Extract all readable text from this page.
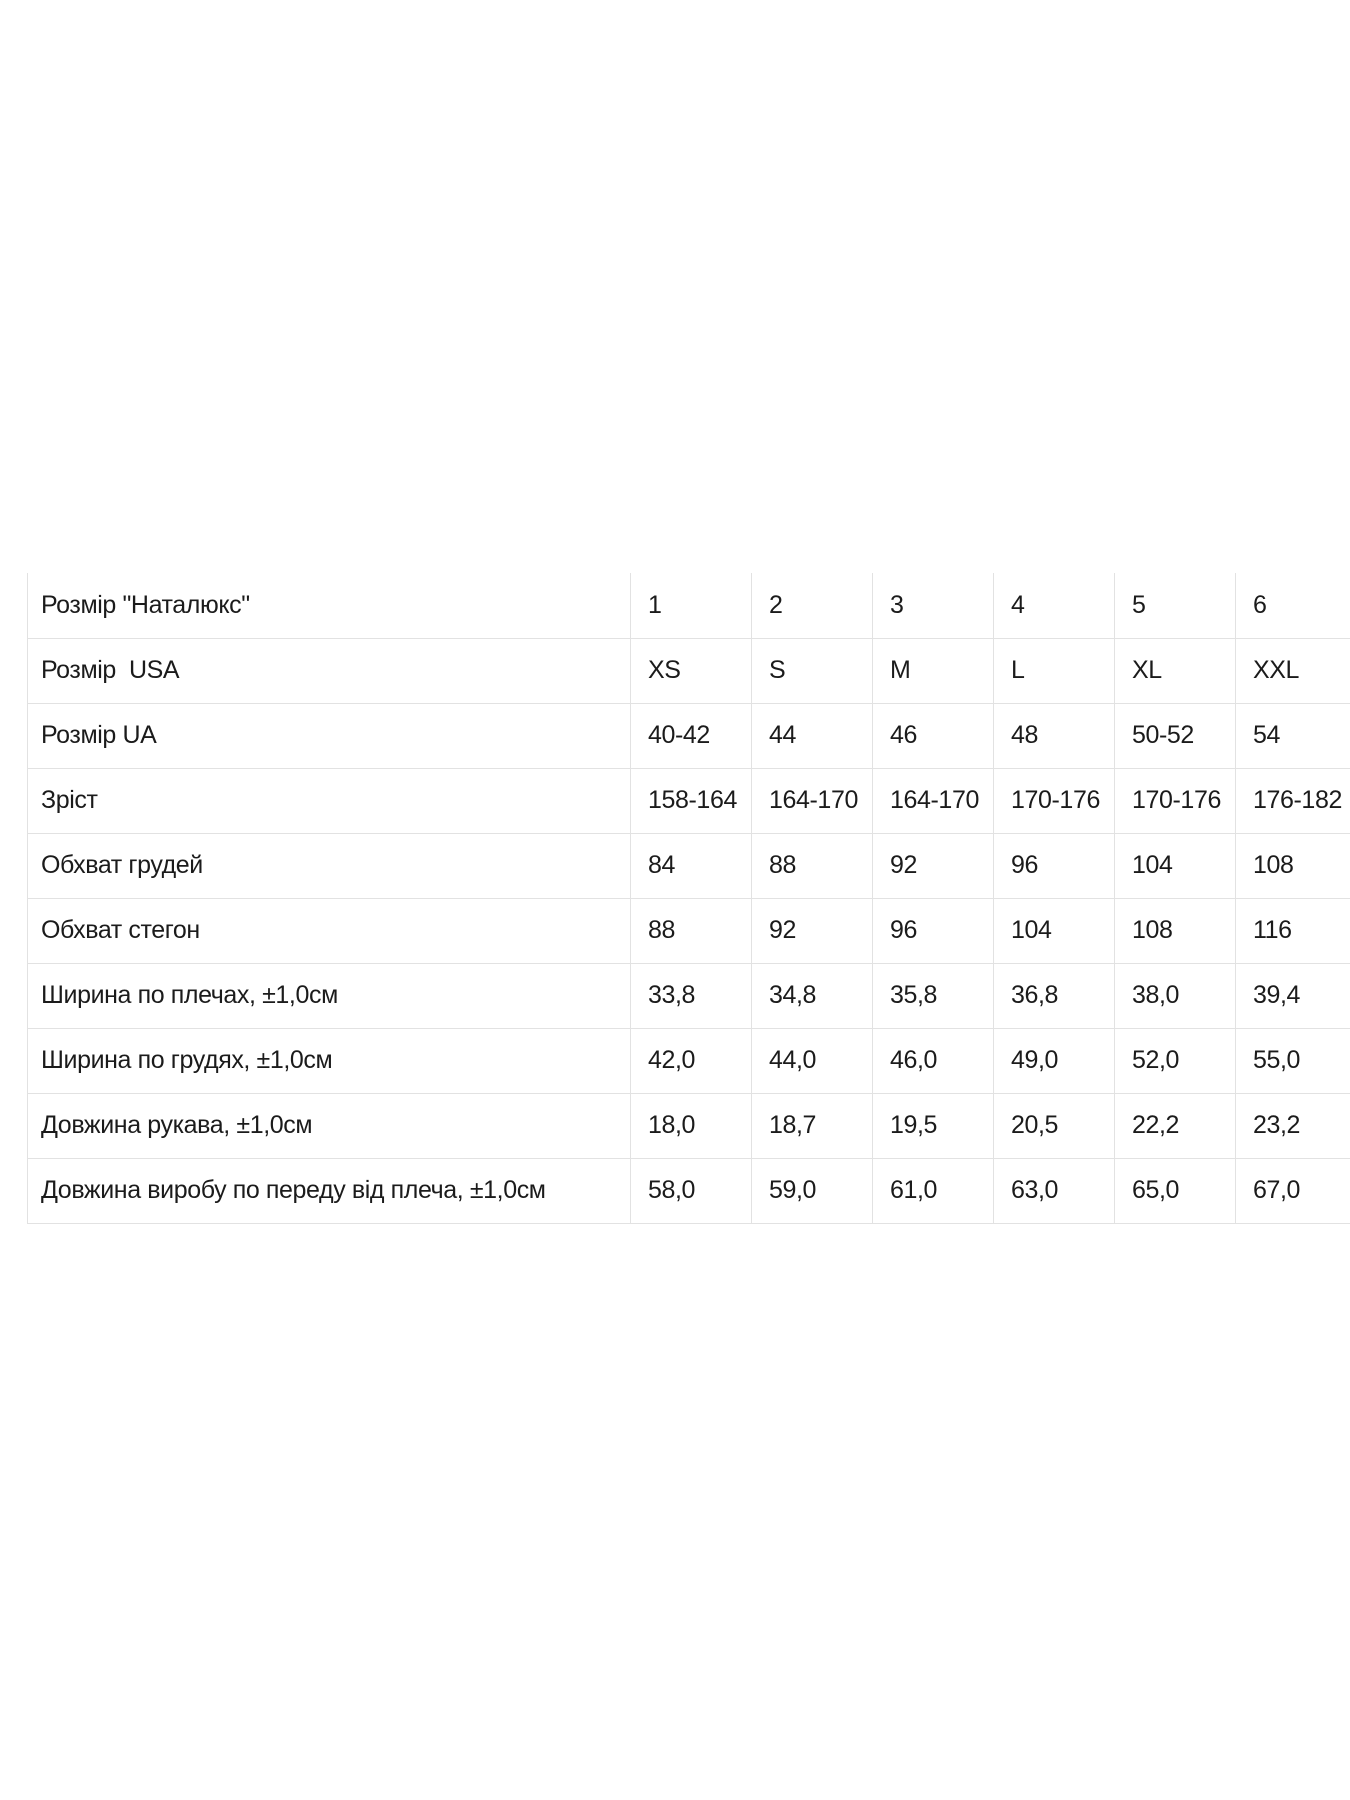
Розмір "Наталюкс"	1	2	3	4	5	6
Розмір  USA	XS	S	M	L	XL	XXL
Розмір UA	40-42	44	46	48	50-52	54
Зріст	158-164	164-170	164-170	170-176	170-176	176-182
Обхват грудей	84	88	92	96	104	108
Обхват стегон	88	92	96	104	108	116
Ширина по плечах, ±1,0см	33,8	34,8	35,8	36,8	38,0	39,4
Ширина по грудях, ±1,0см	42,0	44,0	46,0	49,0	52,0	55,0
Довжина рукава, ±1,0см	18,0	18,7	19,5	20,5	22,2	23,2
Довжина виробу по переду від плеча, ±1,0см	58,0	59,0	61,0	63,0	65,0	67,0
